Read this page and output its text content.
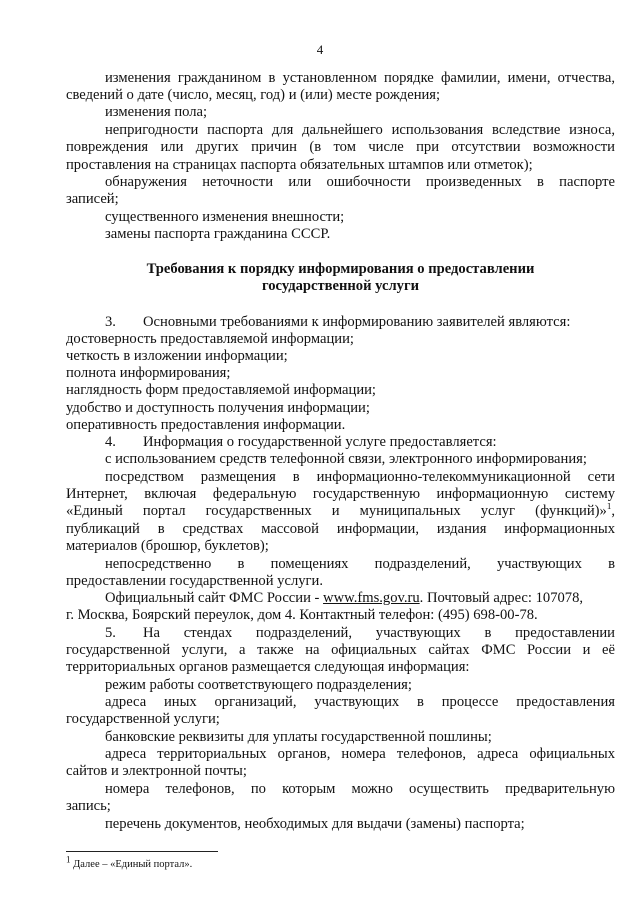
4
изменения гражданином в установленном порядке фамилии, имени, отчества,
сведений о дате (число, месяц, год) и (или) месте рождения;
изменения пола;
непригодности паспорта для дальнейшего использования вследствие износа,
повреждения или других причин (в том числе при отсутствии возможности
проставления на страницах паспорта обязательных штампов или отметок);
обнаружения неточности или ошибочности произведенных в паспорте
записей;
существенного изменения внешности;
замены паспорта гражданина СССР.
Требования к порядку информирования о предоставлении
государственной услуги
3. Основными требованиями к информированию заявителей являются:
достоверность предоставляемой информации;
четкость в изложении информации;
полнота информирования;
наглядность форм предоставляемой информации;
удобство и доступность получения информации;
оперативность предоставления информации.
4. Информация о государственной услуге предоставляется:
с использованием средств телефонной связи, электронного информирования;
посредством размещения в информационно-телекоммуникационной сети
Интернет, включая федеральную государственную информационную систему
«Единый портал государственных и муниципальных услуг (функций)»$^1$,
публикаций в средствах массовой информации, издания информационных
материалов (брошюр, буклетов);
непосредственно в помещениях подразделений, участвующих в
предоставлении государственной услуги.
Официальный сайт ФМС России - www.fms.gov.ru. Почтовый адрес: 107078,
г. Москва, Боярский переулок, дом 4. Контактный телефон: (495) 698-00-78.
5. На стендах подразделений, участвующих в предоставлении
государственной услуги, а также на официальных сайтах ФМС России и её
территориальных органов размещается следующая информация:
режим работы соответствующего подразделения;
адреса иных организаций, участвующих в процессе предоставления
государственной услуги;
банковские реквизиты для уплаты государственной пошлины;
адреса территориальных органов, номера телефонов, адреса официальных
сайтов и электронной почты;
номера телефонов, по которым можно осуществить предварительную
запись;
перечень документов, необходимых для выдачи (замены) паспорта;
$^1$ Далее – «Единый портал».
